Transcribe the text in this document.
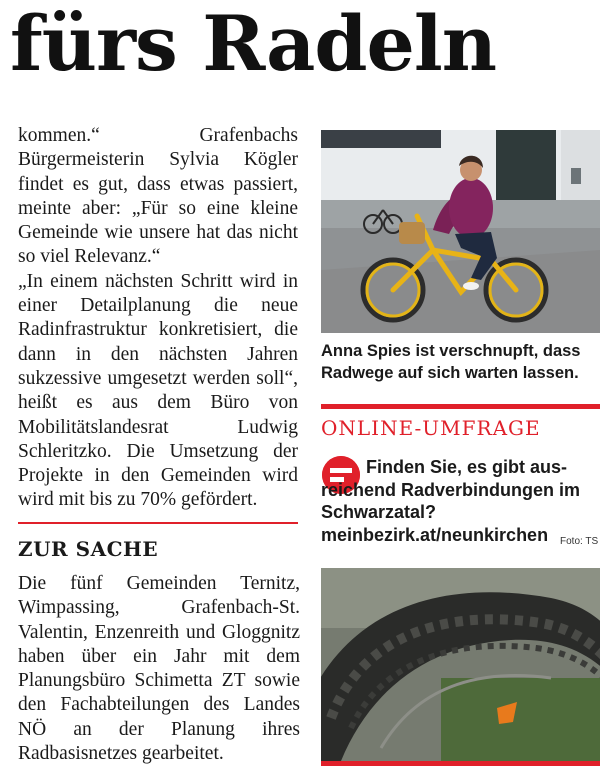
fürs Radeln

kommen.“ Grafenbachs Bürgermeisterin Sylvia Kögler findet es gut, dass etwas passiert, meinte aber: „Für so eine kleine Gemeinde wie unsere hat das nicht so viel Relevanz.“

„In einem nächsten Schritt wird in einer Detailplanung die neue Radinfrastruktur konkretisiert, die dann in den nächsten Jahren sukzessive umgesetzt werden soll“, heißt es aus dem Büro von Mobilitätslandesrat Ludwig Schleritzko. Die Umsetzung der Projekte in den Gemeinden wird wird mit bis zu 70% gefördert.

ZUR SACHE

Die fünf Gemeinden Ternitz, Wimpassing, Grafenbach-St. Valentin, Enzenreith und Gloggnitz haben über ein Jahr mit dem Planungsbüro Schimetta ZT sowie den Fachabteilungen des Landes NÖ an der Planung ihres Radbasisnetzes gearbeitet.

Anna Spies ist verschnupft, dass Radwege auf sich warten lassen.
ONLINE-UMFRAGE
Finden Sie, es gibt aus-
reichend Radverbindungen im Schwarzatal? meinbezirk.at/neunkirchen	Foto: TS
